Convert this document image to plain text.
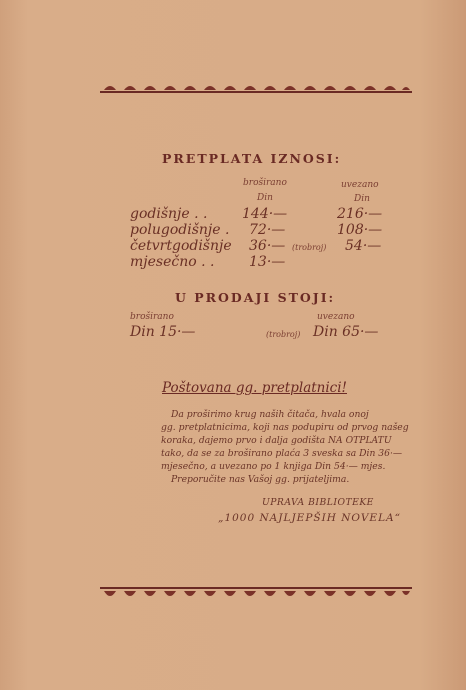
PRETPLATA IZNOSI:
broširano
Din
uvezano
Din
godišnje . . 144·—	216·—
polugodišnje . 72·—	108·—
četvrtgodišnje 36·— (trobroj) 54·—
mjesečno . . 13·—
U PRODAJI STOJI:
broširano
Din 15·—
uvezano
(trobroj) Din 65·—
Poštovana gg. pretplatnici!
Da proširimo krug naših čitača, hvala onoj
gg. pretplatnicima, koji nas podupiru od prvog našeg
koraka, dajemo prvo i dalja godišta NA OTPLATU
tako, da se za broširano plaća 3 sveska sa Din 36·—
mjesečno, a uvezano po 1 knjiga Din 54·— mjes.
Preporučite nas Vašoj gg. prijateljima.
UPRAVA BIBLIOTEKE
„1000 NAJLJEPŠIH NOVELA“
